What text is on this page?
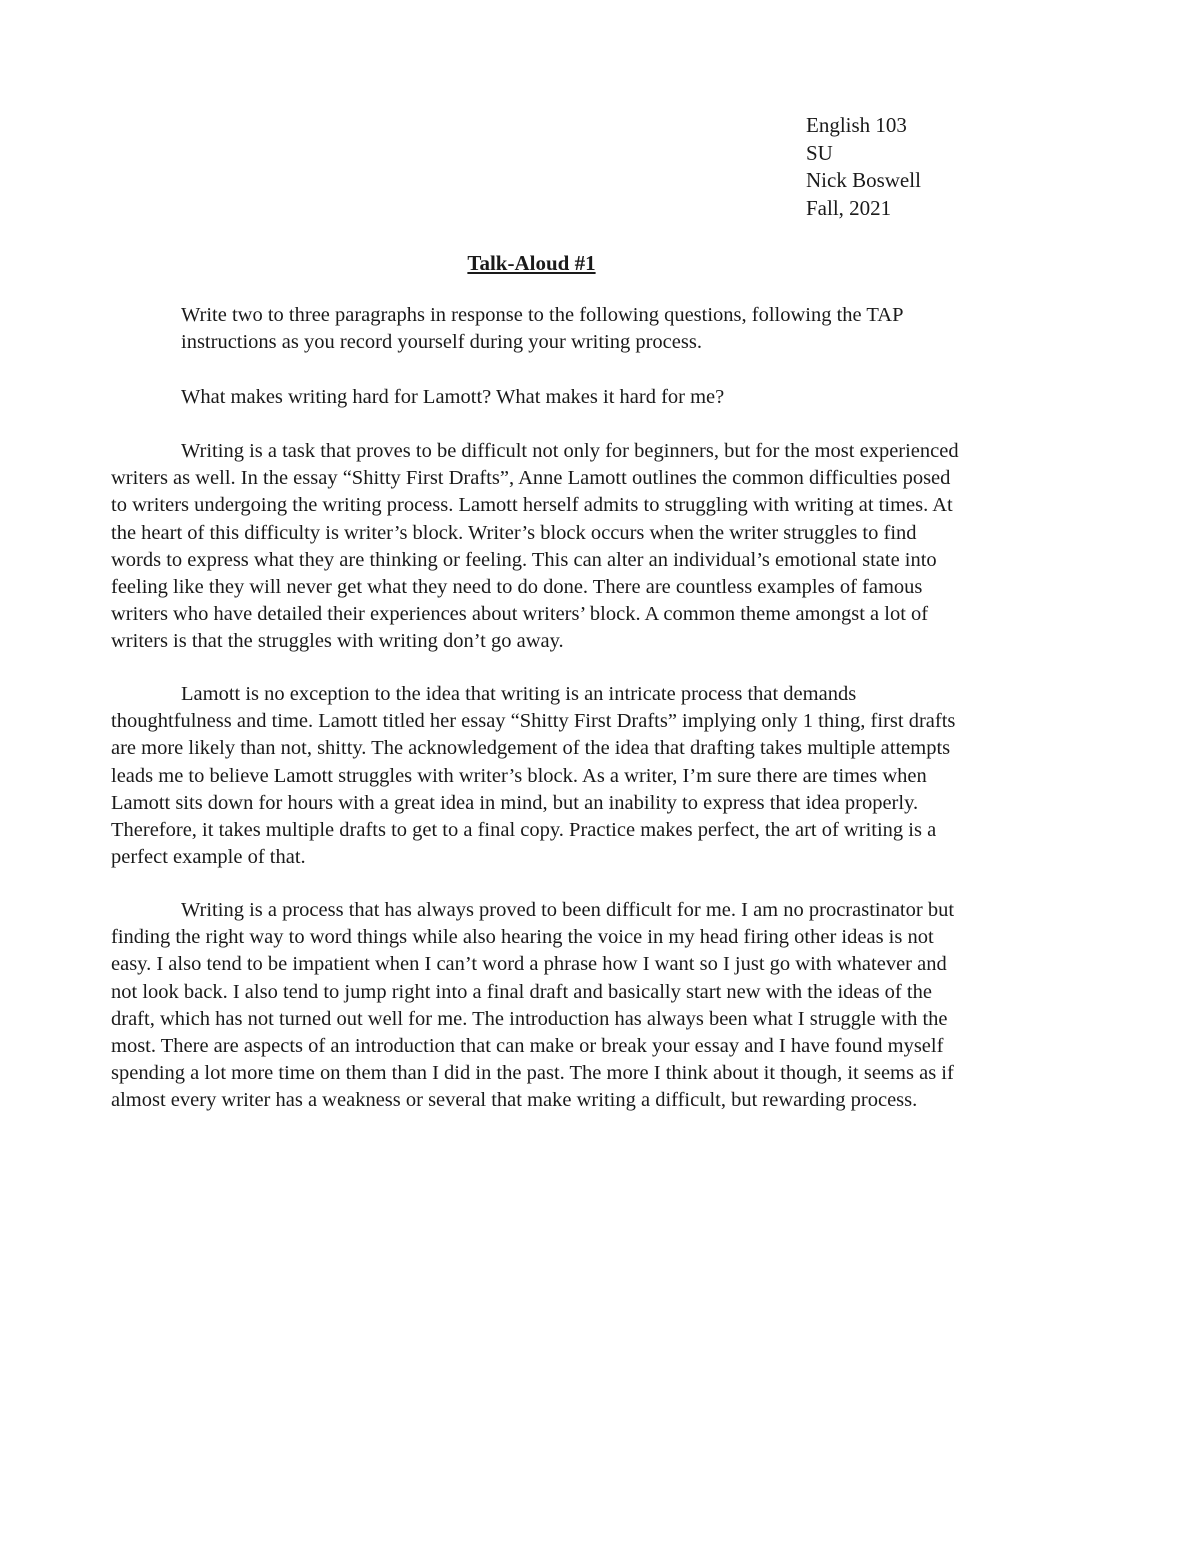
English 103
SU
Nick Boswell
Fall, 2021
Talk-Aloud #1
Write two to three paragraphs in response to the following questions, following the TAP
instructions as you record yourself during your writing process.
What makes writing hard for Lamott? What makes it hard for me?
Writing is a task that proves to be difficult not only for beginners, but for the most experienced
writers as well. In the essay “Shitty First Drafts”, Anne Lamott outlines the common difficulties posed
to writers undergoing the writing process. Lamott herself admits to struggling with writing at times. At
the heart of this difficulty is writer’s block. Writer’s block occurs when the writer struggles to find
words to express what they are thinking or feeling. This can alter an individual’s emotional state into
feeling like they will never get what they need to do done. There are countless examples of famous
writers who have detailed their experiences about writers’ block. A common theme amongst a lot of
writers is that the struggles with writing don’t go away.
Lamott is no exception to the idea that writing is an intricate process that demands
thoughtfulness and time. Lamott titled her essay “Shitty First Drafts” implying only 1 thing, first drafts
are more likely than not, shitty. The acknowledgement of the idea that drafting takes multiple attempts
leads me to believe Lamott struggles with writer’s block. As a writer, I’m sure there are times when
Lamott sits down for hours with a great idea in mind, but an inability to express that idea properly.
Therefore, it takes multiple drafts to get to a final copy. Practice makes perfect, the art of writing is a
perfect example of that.
Writing is a process that has always proved to been difficult for me. I am no procrastinator but
finding the right way to word things while also hearing the voice in my head firing other ideas is not
easy. I also tend to be impatient when I can’t word a phrase how I want so I just go with whatever and
not look back. I also tend to jump right into a final draft and basically start new with the ideas of the
draft, which has not turned out well for me. The introduction has always been what I struggle with the
most. There are aspects of an introduction that can make or break your essay and I have found myself
spending a lot more time on them than I did in the past. The more I think about it though, it seems as if
almost every writer has a weakness or several that make writing a difficult, but rewarding process.
